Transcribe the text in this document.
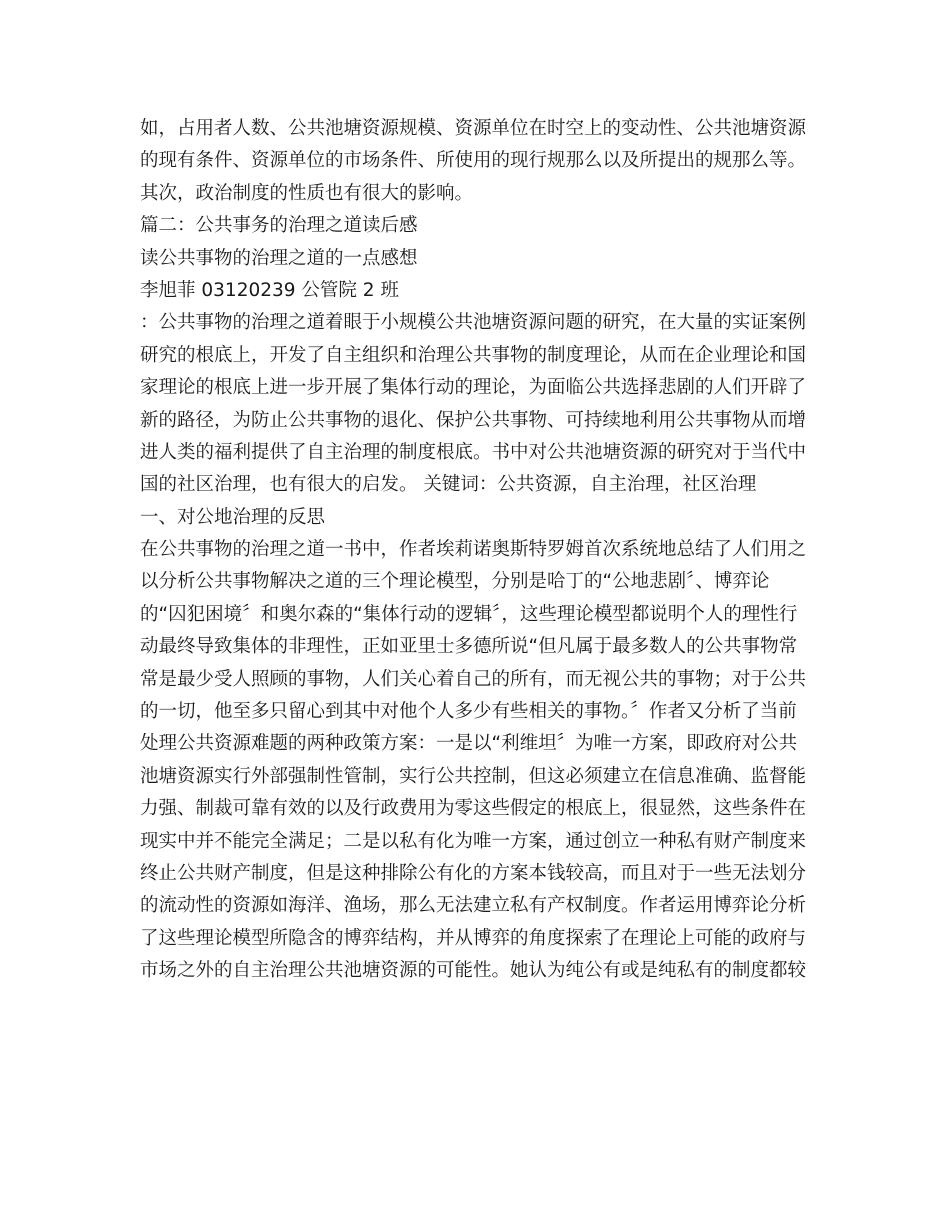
如，占用者人数、公共池塘资源规模、资源单位在时空上的变动性、公共池塘资源
的现有条件、资源单位的市场条件、所使用的现行规那么以及所提出的规那么等。
其次，政治制度的性质也有很大的影响。
篇二：公共事务的治理之道读后感
读公共事物的治理之道的一点感想
李旭菲 03120239 公管院 2 班
：公共事物的治理之道着眼于小规模公共池塘资源问题的研究，在大量的实证案例
研究的根底上，开发了自主组织和治理公共事物的制度理论，从而在企业理论和国
家理论的根底上进一步开展了集体行动的理论，为面临公共选择悲剧的人们开辟了
新的路径，为防止公共事物的退化、保护公共事物、可持续地利用公共事物从而增
进人类的福利提供了自主治理的制度根底。书中对公共池塘资源的研究对于当代中
国的社区治理，也有很大的启发。 关键词：公共资源，自主治理，社区治理
一、对公地治理的反思
在公共事物的治理之道一书中，作者埃莉诺奥斯特罗姆首次系统地总结了人们用之
以分析公共事物解决之道的三个理论模型，分别是哈丁的“公地悲剧〞、博弈论
的“囚犯困境〞和奥尔森的“集体行动的逻辑〞，这些理论模型都说明个人的理性行
动最终导致集体的非理性，正如亚里士多德所说“但凡属于最多数人的公共事物常
常是最少受人照顾的事物，人们关心着自己的所有，而无视公共的事物；对于公共
的一切，他至多只留心到其中对他个人多少有些相关的事物。〞作者又分析了当前
处理公共资源难题的两种政策方案：一是以“利维坦〞为唯一方案，即政府对公共
池塘资源实行外部强制性管制，实行公共控制，但这必须建立在信息准确、监督能
力强、制裁可靠有效的以及行政费用为零这些假定的根底上，很显然，这些条件在
现实中并不能完全满足；二是以私有化为唯一方案，通过创立一种私有财产制度来
终止公共财产制度，但是这种排除公有化的方案本钱较高，而且对于一些无法划分
的流动性的资源如海洋、渔场，那么无法建立私有产权制度。作者运用博弈论分析
了这些理论模型所隐含的博弈结构，并从博弈的角度探索了在理论上可能的政府与
市场之外的自主治理公共池塘资源的可能性。她认为纯公有或是纯私有的制度都较
